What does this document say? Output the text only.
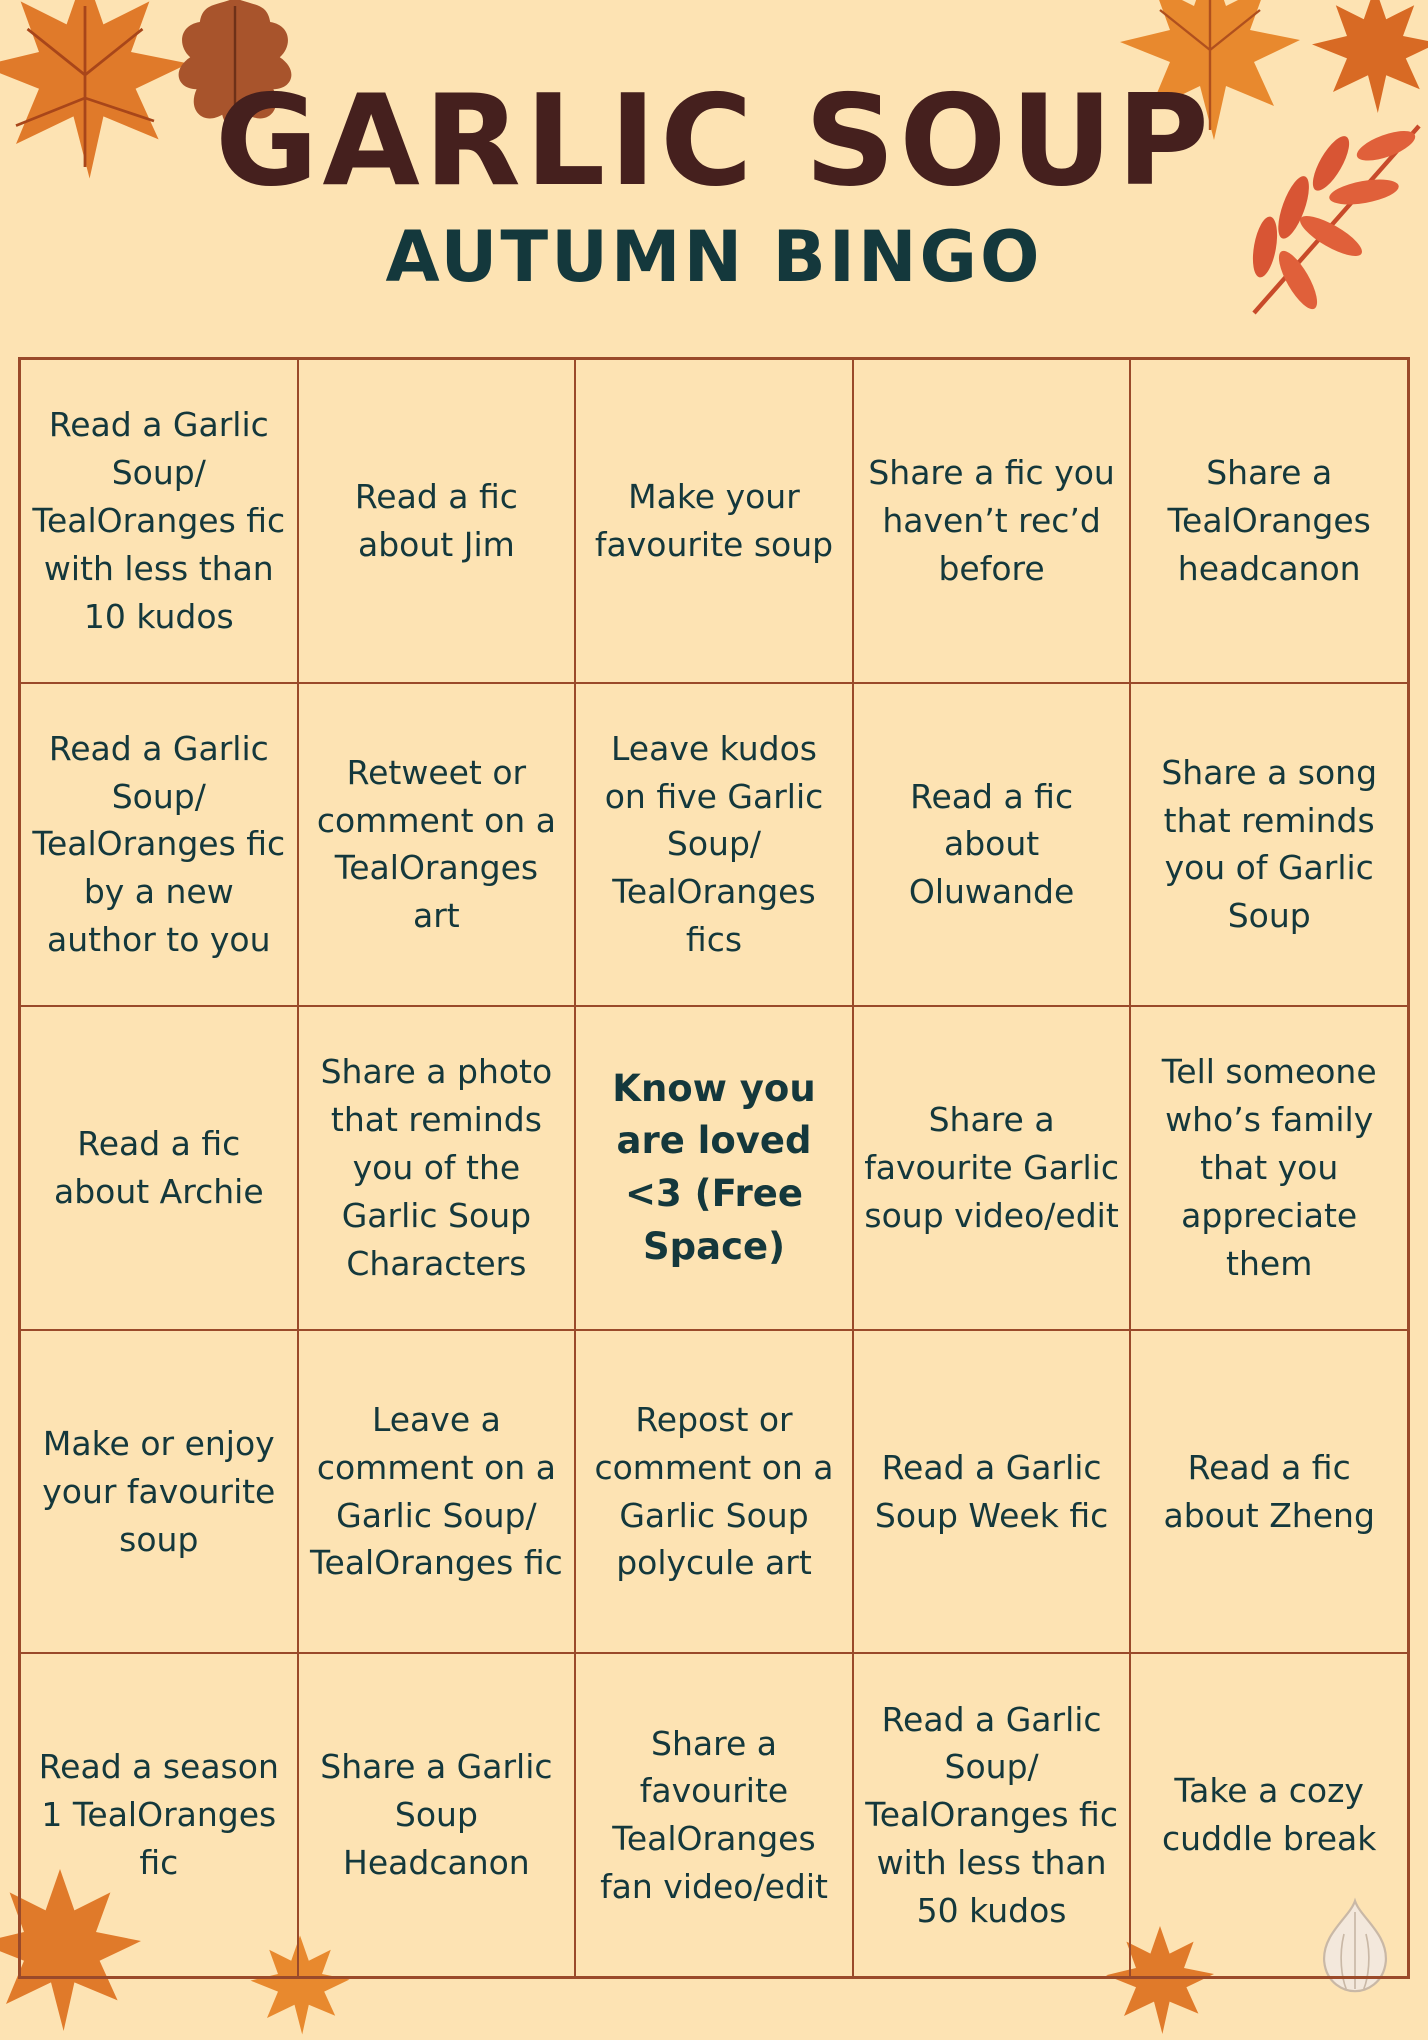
GARLIC SOUP
AUTUMN BINGO
Read a Garlic Soup/ TealOranges fic with less than 10 kudos
Read a fic about Jim
Make your favourite soup
Share a fic you haven’t rec’d before
Share a TealOranges headcanon
Read a Garlic Soup/ TealOranges fic by a new author to you
Retweet or comment on a TealOranges art
Leave kudos on five Garlic Soup/ TealOranges fics
Read a fic about Oluwande
Share a song that reminds you of Garlic Soup
Read a fic about Archie
Share a photo that reminds you of the Garlic Soup Characters
Know you are loved <3 (Free Space)
Share a favourite Garlic soup video/edit
Tell someone who’s family that you appreciate them
Make or enjoy your favourite soup
Leave a comment on a Garlic Soup/ TealOranges fic
Repost or comment on a Garlic Soup polycule art
Read a Garlic Soup Week fic
Read a fic about Zheng
Read a season 1 TealOranges fic
Share a Garlic Soup Headcanon
Share a favourite TealOranges fan video/edit
Read a Garlic Soup/ TealOranges fic with less than 50 kudos
Take a cozy cuddle break
